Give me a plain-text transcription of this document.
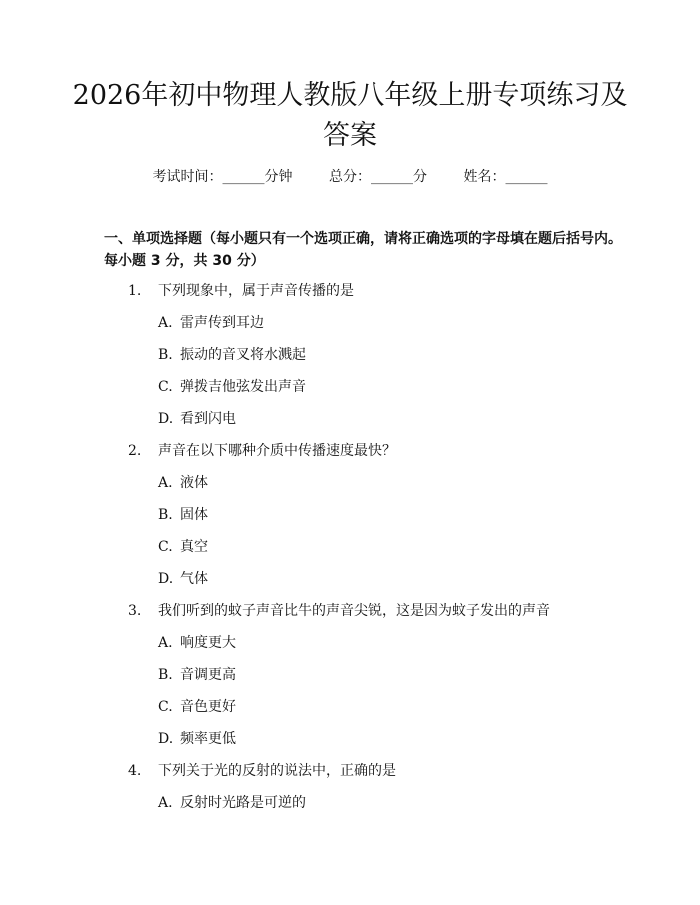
2026年初中物理人教版八年级上册专项练习及答案
考试时间：______分钟	总分：______分	姓名：______
一、单项选择题（每小题只有一个选项正确，请将正确选项的字母填在题后括号内。每小题 3 分，共 30 分）
1. 下列现象中，属于声音传播的是
A. 雷声传到耳边
B. 振动的音叉将水溅起
C. 弹拨吉他弦发出声音
D. 看到闪电
2. 声音在以下哪种介质中传播速度最快？
A. 液体
B. 固体
C. 真空
D. 气体
3. 我们听到的蚊子声音比牛的声音尖锐，这是因为蚊子发出的声音
A. 响度更大
B. 音调更高
C. 音色更好
D. 频率更低
4. 下列关于光的反射的说法中，正确的是
A. 反射时光路是可逆的
